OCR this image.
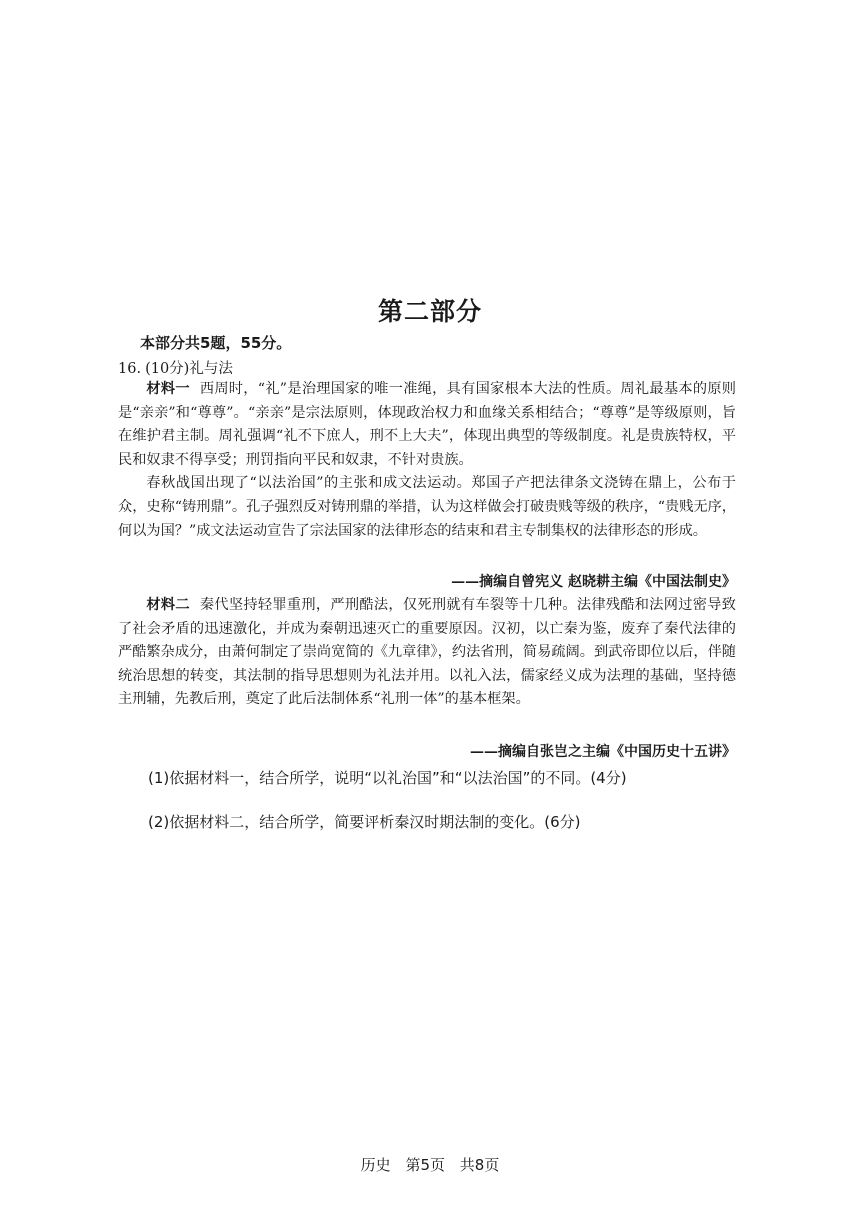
第二部分
本部分共5题，55分。
16. (10分)礼与法

材料一 西周时，“礼”是治理国家的唯一准绳，具有国家根本大法的性质。周礼最基本的原则是“亲亲”和“尊尊”。“亲亲”是宗法原则，体现政治权力和血缘关系相结合；“尊尊”是等级原则，旨在维护君主制。周礼强调“礼不下庶人，刑不上大夫”，体现出典型的等级制度。礼是贵族特权，平民和奴隶不得享受；刑罚指向平民和奴隶，不针对贵族。

春秋战国出现了“以法治国”的主张和成文法运动。郑国子产把法律条文浇铸在鼎上，公布于众，史称“铸刑鼎”。孔子强烈反对铸刑鼎的举措，认为这样做会打破贵贱等级的秩序，“贵贱无序，何以为国？”成文法运动宣告了宗法国家的法律形态的结束和君主专制集权的法律形态的形成。

——摘编自曾宪义 赵晓耕主编《中国法制史》

材料二 秦代坚持轻罪重刑，严刑酷法，仅死刑就有车裂等十几种。法律残酷和法网过密导致了社会矛盾的迅速激化，并成为秦朝迅速灭亡的重要原因。汉初，以亡秦为鉴，废弃了秦代法律的严酷繁杂成分，由萧何制定了崇尚宽简的《九章律》，约法省刑，简易疏阔。到武帝即位以后，伴随统治思想的转变，其法制的指导思想则为礼法并用。以礼入法，儒家经义成为法理的基础，坚持德主刑辅，先教后刑，奠定了此后法制体系“礼刑一体”的基本框架。

——摘编自张岂之主编《中国历史十五讲》
(1)依据材料一，结合所学，说明“以礼治国”和“以法治国”的不同。(4分)
(2)依据材料二，结合所学，简要评析秦汉时期法制的变化。(6分)
历史 第5页 共8页
